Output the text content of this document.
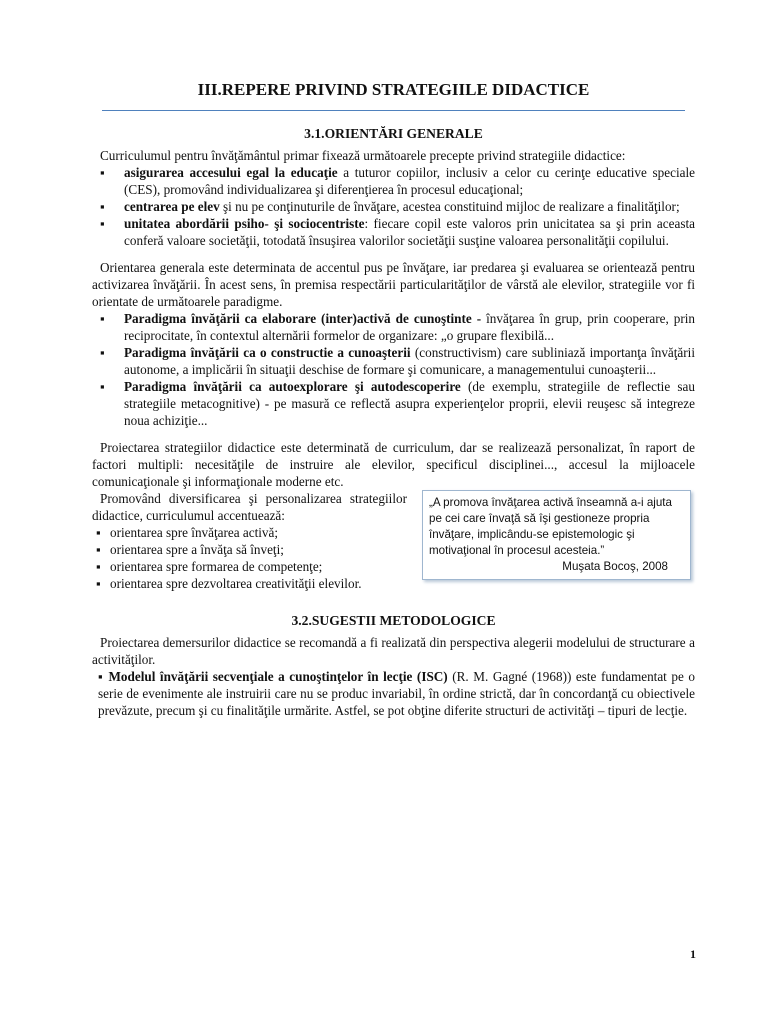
III.REPERE PRIVIND STRATEGIILE DIDACTICE
3.1.ORIENTĂRI GENERALE

Curriculumul pentru învăţământul primar fixează următoarele precepte privind strategiile didactice:

▪ asigurarea accesului egal la educaţie a tuturor copiilor, inclusiv a celor cu cerinţe educative speciale (CES), promovând individualizarea şi diferenţierea în procesul educaţional;
▪ centrarea pe elev şi nu pe conţinuturile de învăţare, acestea constituind mijloc de realizare a finalităţilor;
▪ unitatea abordării psiho- şi sociocentriste: fiecare copil este valoros prin unicitatea sa şi prin aceasta conferă valoare societăţii, totodată însuşirea valorilor societăţii susţine valoarea personalităţii copilului.

Orientarea generala este determinata de accentul pus pe învăţare, iar predarea şi evaluarea se orientează pentru activizarea învăţării. În acest sens, în premisa respectării particularităţilor de vârstă ale elevilor, strategiile vor fi orientate de următoarele paradigme.

▪ Paradigma învăţării ca elaborare (inter)activă de cunoştinte - învăţarea în grup, prin cooperare, prin reciprocitate, în contextul alternării formelor de organizare: „o grupare flexibilă...
▪ Paradigma învăţării ca o constructie a cunoaşterii (constructivism) care subliniază importanţa învăţării autonome, a implicării în situaţii deschise de formare şi comunicare, a managementului cunoaşterii...
▪ Paradigma învăţării ca autoexplorare şi autodescoperire (de exemplu, strategiile de reflectie sau strategiile metacognitive) - pe masură ce reflectă asupra experienţelor proprii, elevii reuşesc să integreze noua achiziţie...

Proiectarea strategiilor didactice este determinată de curriculum, dar se realizează personalizat, în raport de factori multipli: necesităţile de instruire ale elevilor, specificul disciplinei..., accesul la mijloacele comunicaţionale şi informaţionale moderne etc.

Promovând diversificarea şi personalizarea strategiilor didactice, curriculumul accentuează:

▪ orientarea spre învăţarea activă;
▪ orientarea spre a învăţa să înveţi;
▪ orientarea spre formarea de competenţe;
▪ orientarea spre dezvoltarea creativităţii elevilor.
„A promova învăţarea activă înseamnă a-i ajuta pe cei care învaţă să îşi gestioneze propria învăţare, implicându-se epistemologic şi motivaţional în procesul acesteia.”
Muşata Bocoş, 2008
3.2.SUGESTII METODOLOGICE

Proiectarea demersurilor didactice se recomandă a fi realizată din perspectiva alegerii modelului de structurare a activităţilor.

▪ Modelul învăţării secvenţiale a cunoştinţelor în lecţie (ISC) (R. M. Gagné (1968)) este fundamentat pe o serie de evenimente ale instruirii care nu se produc invariabil, în ordine strictă, dar în concordanţă cu obiectivele prevăzute, precum şi cu finalităţile urmărite. Astfel, se pot obţine diferite structuri de activităţi – tipuri de lecţie.

1
